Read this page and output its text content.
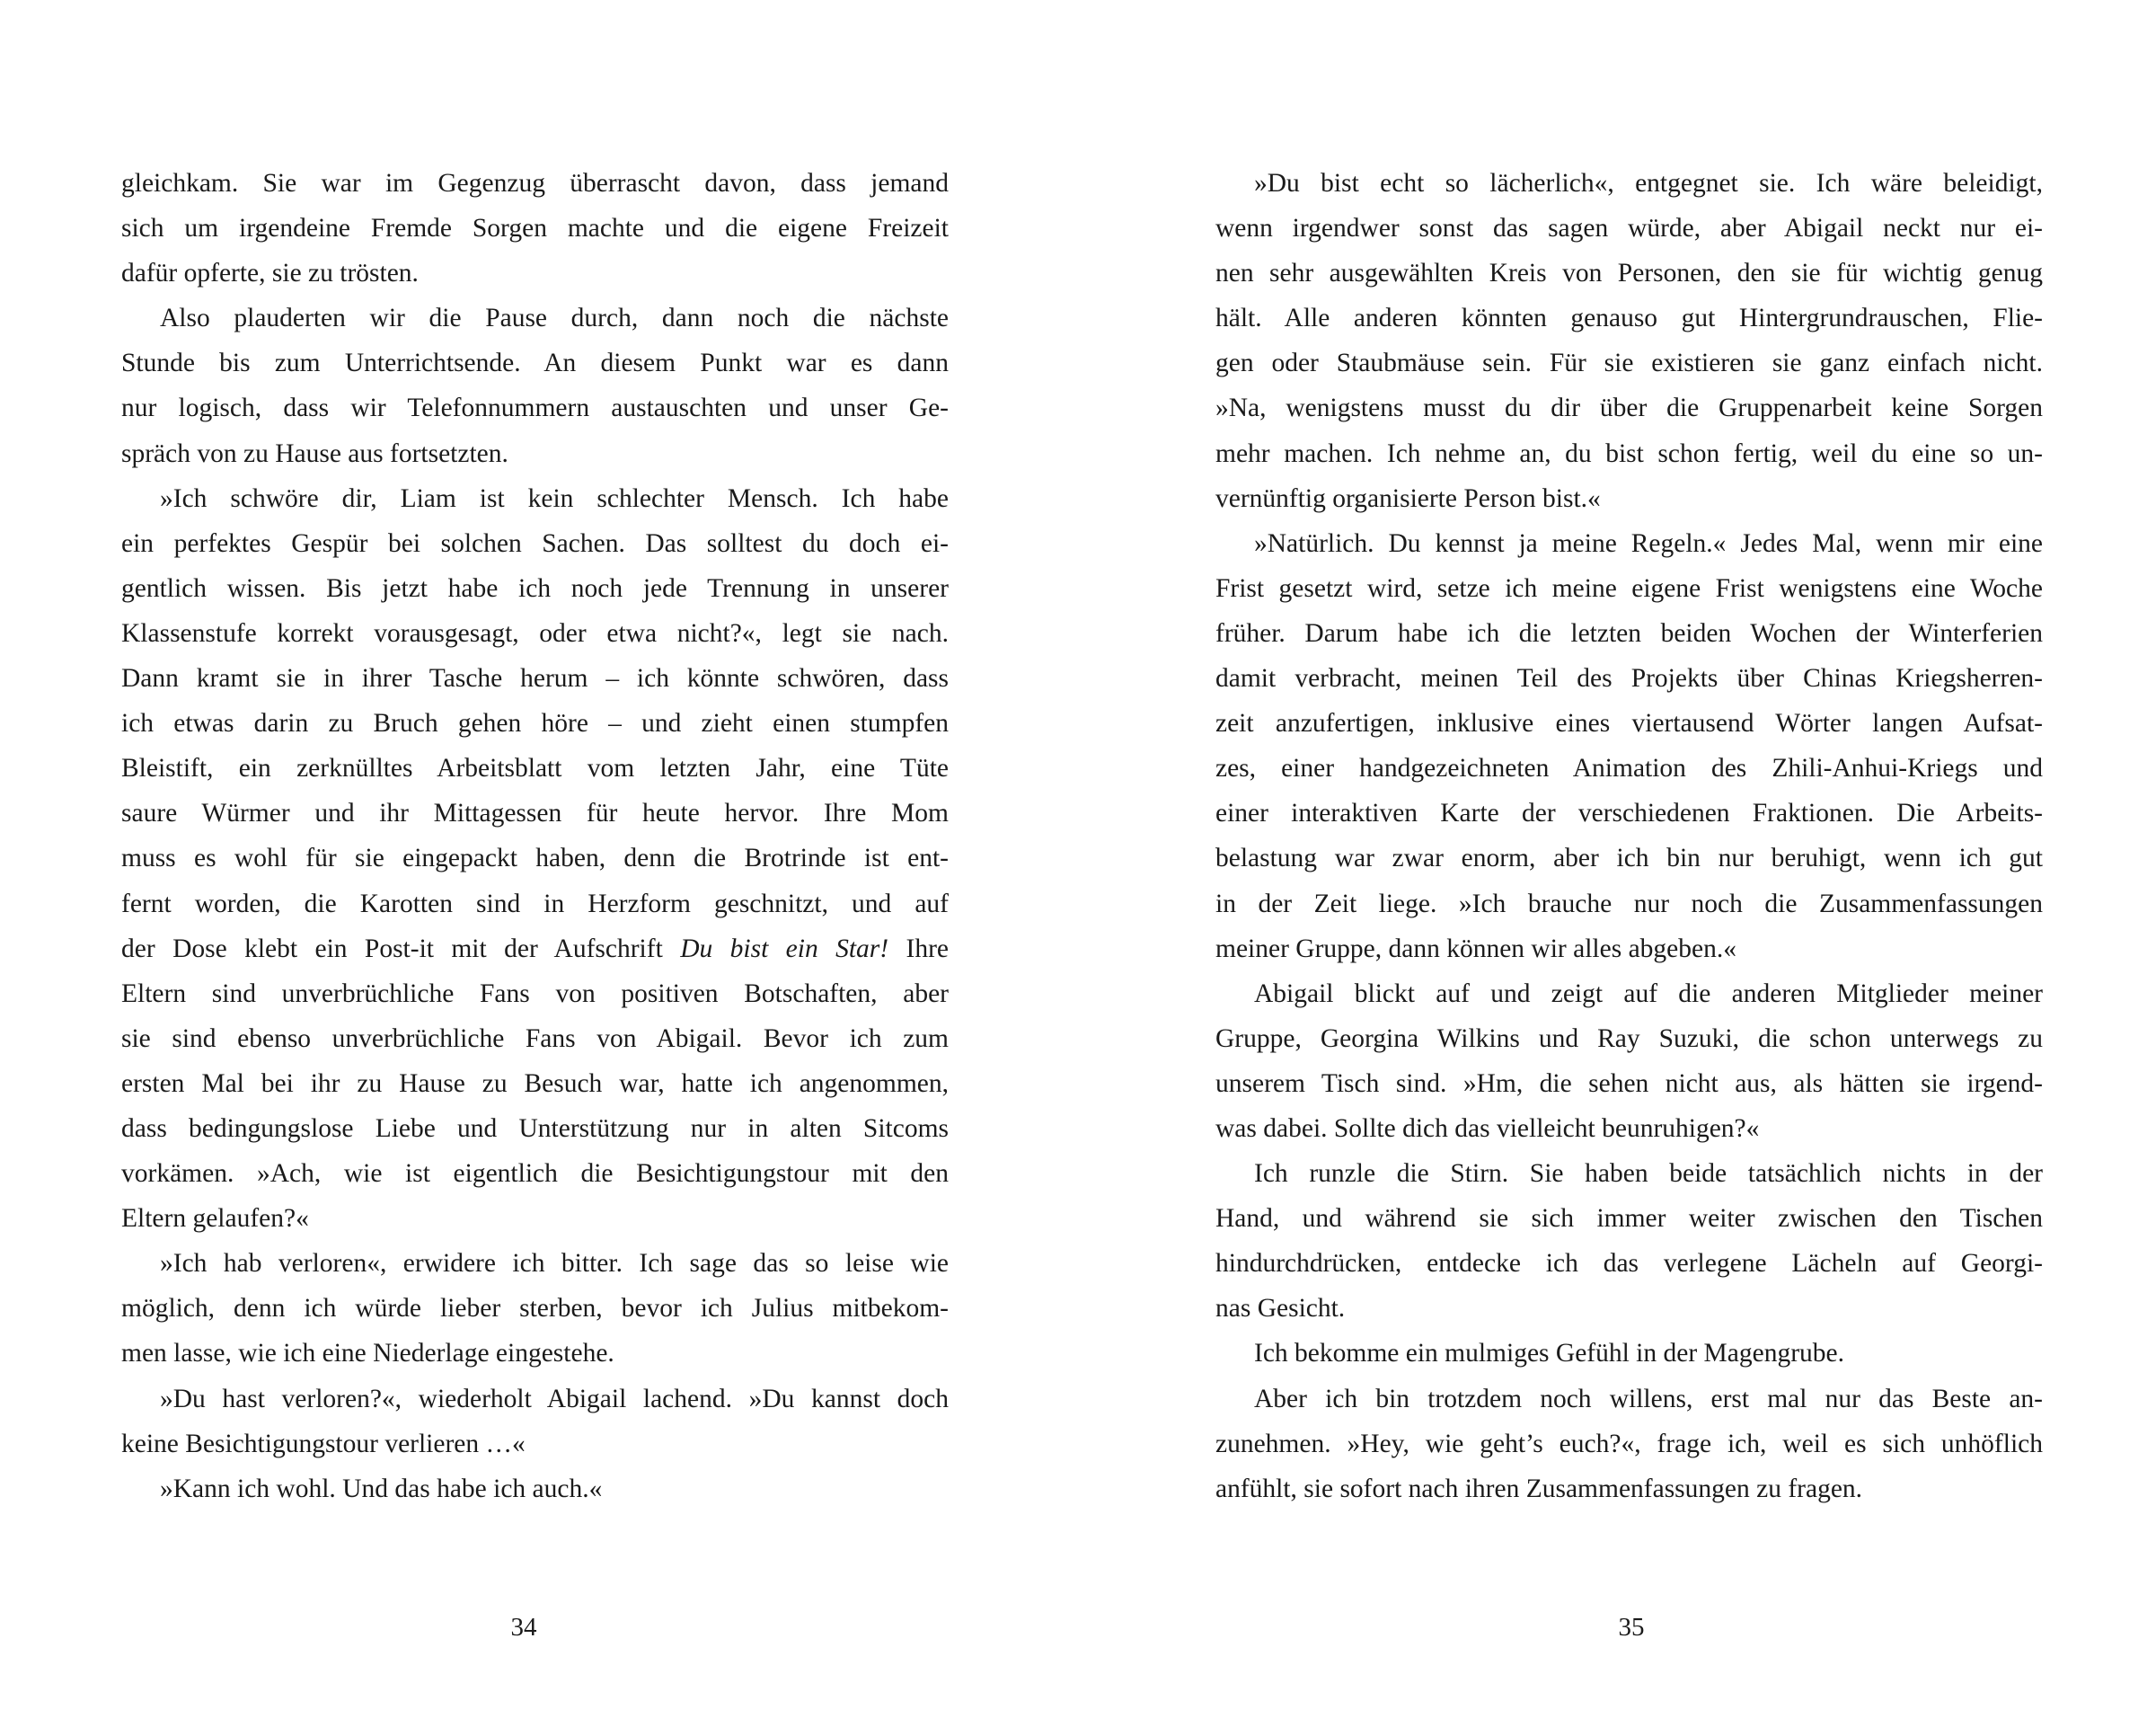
gleichkam. Sie war im Gegenzug überrascht davon, dass jemand
sich um irgendeine Fremde Sorgen machte und die eigene Freizeit
dafür opferte, sie zu trösten.
Also plauderten wir die Pause durch, dann noch die nächste
Stunde bis zum Unterrichtsende. An diesem Punkt war es dann
nur logisch, dass wir Telefonnummern austauschten und unser Ge-
spräch von zu Hause aus fortsetzten.
»Ich schwöre dir, Liam ist kein schlechter Mensch. Ich habe
ein perfektes Gespür bei solchen Sachen. Das solltest du doch ei-
gentlich wissen. Bis jetzt habe ich noch jede Trennung in unserer
Klassenstufe korrekt vorausgesagt, oder etwa nicht?«, legt sie nach.
Dann kramt sie in ihrer Tasche herum – ich könnte schwören, dass
ich etwas darin zu Bruch gehen höre – und zieht einen stumpfen
Bleistift, ein zerknülltes Arbeitsblatt vom letzten Jahr, eine Tüte
saure Würmer und ihr Mittagessen für heute hervor. Ihre Mom
muss es wohl für sie eingepackt haben, denn die Brotrinde ist ent-
fernt worden, die Karotten sind in Herzform geschnitzt, und auf
der Dose klebt ein Post-it mit der Aufschrift Du bist ein Star! Ihre
Eltern sind unverbrüchliche Fans von positiven Botschaften, aber
sie sind ebenso unverbrüchliche Fans von Abigail. Bevor ich zum
ersten Mal bei ihr zu Hause zu Besuch war, hatte ich angenommen,
dass bedingungslose Liebe und Unterstützung nur in alten Sitcoms
vorkämen. »Ach, wie ist eigentlich die Besichtigungstour mit den
Eltern gelaufen?«
»Ich hab verloren«, erwidere ich bitter. Ich sage das so leise wie
möglich, denn ich würde lieber sterben, bevor ich Julius mitbekom-
men lasse, wie ich eine Niederlage eingestehe.
»Du hast verloren?«, wiederholt Abigail lachend. »Du kannst doch
keine Besichtigungstour verlieren …«
»Kann ich wohl. Und das habe ich auch.«
34
»Du bist echt so lächerlich«, entgegnet sie. Ich wäre beleidigt,
wenn irgendwer sonst das sagen würde, aber Abigail neckt nur ei-
nen sehr ausgewählten Kreis von Personen, den sie für wichtig genug
hält. Alle anderen könnten genauso gut Hintergrundrauschen, Flie-
gen oder Staubmäuse sein. Für sie existieren sie ganz einfach nicht.
»Na, wenigstens musst du dir über die Gruppenarbeit keine Sorgen
mehr machen. Ich nehme an, du bist schon fertig, weil du eine so un-
vernünftig organisierte Person bist.«
»Natürlich. Du kennst ja meine Regeln.« Jedes Mal, wenn mir eine
Frist gesetzt wird, setze ich meine eigene Frist wenigstens eine Woche
früher. Darum habe ich die letzten beiden Wochen der Winterferien
damit verbracht, meinen Teil des Projekts über Chinas Kriegsherren-
zeit anzufertigen, inklusive eines viertausend Wörter langen Aufsat-
zes, einer handgezeichneten Animation des Zhili-Anhui-Kriegs und
einer interaktiven Karte der verschiedenen Fraktionen. Die Arbeits-
belastung war zwar enorm, aber ich bin nur beruhigt, wenn ich gut
in der Zeit liege. »Ich brauche nur noch die Zusammenfassungen
meiner Gruppe, dann können wir alles abgeben.«
Abigail blickt auf und zeigt auf die anderen Mitglieder meiner
Gruppe, Georgina Wilkins und Ray Suzuki, die schon unterwegs zu
unserem Tisch sind. »Hm, die sehen nicht aus, als hätten sie irgend-
was dabei. Sollte dich das vielleicht beunruhigen?«
Ich runzle die Stirn. Sie haben beide tatsächlich nichts in der
Hand, und während sie sich immer weiter zwischen den Tischen
hindurchdrücken, entdecke ich das verlegene Lächeln auf Georgi-
nas Gesicht.
Ich bekomme ein mulmiges Gefühl in der Magengrube.
Aber ich bin trotzdem noch willens, erst mal nur das Beste an-
zunehmen. »Hey, wie geht’s euch?«, frage ich, weil es sich unhöflich
anfühlt, sie sofort nach ihren Zusammenfassungen zu fragen.
35
